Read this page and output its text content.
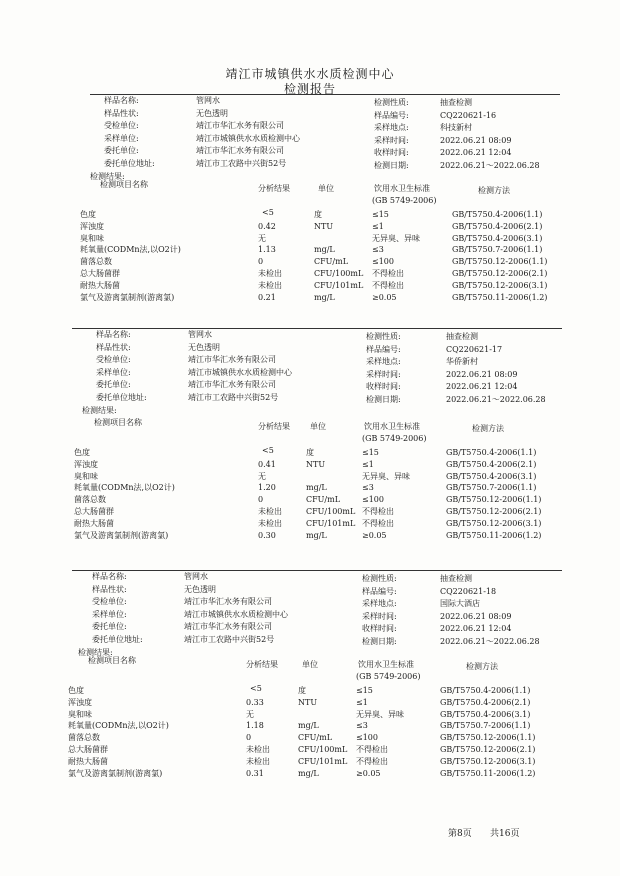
靖江市城镇供水水质检测中心
检测报告
样品名称:	管网水
样品性状:	无色透明
受检单位:	靖江市华汇水务有限公司
采样单位:	靖江市城镇供水水质检测中心
委托单位:	靖江市华汇水务有限公司
委托单位地址:	靖江市工农路中兴街52号
检测性质:	抽查检测
样品编号:	CQ220621-16
采样地点:	科技新村
采样时间:	2022.06.21 08:09
收样时间:	2022.06.21 12:04
检测日期:	2022.06.21～2022.06.28
检测结果:
检测项目名称	分析结果	单位	饮用水卫生标准
(GB 5749-2006)
检测方法
色度	<5	度	≤15	GB/T5750.4-2006(1.1)
浑浊度	0.42	NTU	≤1	GB/T5750.4-2006(2.1)
臭和味	无	无异臭、异味	GB/T5750.4-2006(3.1)
耗氧量(CODMn法,以O2计)	1.13	mg/L	≤3	GB/T5750.7-2006(1.1)
菌落总数	0	CFU/mL	≤100	GB/T5750.12-2006(1.1)
总大肠菌群	未检出	CFU/100mL 不得检出	GB/T5750.12-2006(2.1)
耐热大肠菌	未检出	CFU/101mL 不得检出	GB/T5750.12-2006(3.1)
氯气及游离氯制剂(游离氯)	0.21	mg/L	≥0.05	GB/T5750.11-2006(1.2)
样品名称:	管网水
样品性状:	无色透明
受检单位:	靖江市华汇水务有限公司
采样单位:	靖江市城镇供水水质检测中心
委托单位:	靖江市华汇水务有限公司
委托单位地址:	靖江市工农路中兴街52号
检测性质:	抽查检测
样品编号:	CQ220621-17
采样地点:	华侨新村
采样时间:	2022.06.21 08:09
收样时间:	2022.06.21 12:04
检测日期:	2022.06.21～2022.06.28
检测结果:
检测项目名称	分析结果	单位	饮用水卫生标准
(GB 5749-2006)
检测方法
色度	<5	度	≤15	GB/T5750.4-2006(1.1)
浑浊度	0.41	NTU	≤1	GB/T5750.4-2006(2.1)
臭和味	无	无异臭、异味	GB/T5750.4-2006(3.1)
耗氧量(CODMn法,以O2计)	1.20	mg/L	≤3	GB/T5750.7-2006(1.1)
菌落总数	0	CFU/mL	≤100	GB/T5750.12-2006(1.1)
总大肠菌群	未检出	CFU/100mL 不得检出	GB/T5750.12-2006(2.1)
耐热大肠菌	未检出	CFU/101mL 不得检出	GB/T5750.12-2006(3.1)
氯气及游离氯制剂(游离氯)	0.30	mg/L	≥0.05	GB/T5750.11-2006(1.2)
样品名称:	管网水
样品性状:	无色透明
受检单位:	靖江市华汇水务有限公司
采样单位:	靖江市城镇供水水质检测中心
委托单位:	靖江市华汇水务有限公司
委托单位地址:	靖江市工农路中兴街52号
检测性质:	抽查检测
样品编号:	CQ220621-18
采样地点:	国际大酒店
采样时间:	2022.06.21 08:09
收样时间:	2022.06.21 12:04
检测日期:	2022.06.21～2022.06.28
检测结果:
检测项目名称	分析结果	单位	饮用水卫生标准
(GB 5749-2006)
检测方法
色度	<5	度	≤15	GB/T5750.4-2006(1.1)
浑浊度	0.33	NTU	≤1	GB/T5750.4-2006(2.1)
臭和味	无	无异臭、异味	GB/T5750.4-2006(3.1)
耗氧量(CODMn法,以O2计)	1.18	mg/L	≤3	GB/T5750.7-2006(1.1)
菌落总数	0	CFU/mL	≤100	GB/T5750.12-2006(1.1)
总大肠菌群	未检出	CFU/100mL 不得检出	GB/T5750.12-2006(2.1)
耐热大肠菌	未检出	CFU/101mL 不得检出	GB/T5750.12-2006(3.1)
氯气及游离氯制剂(游离氯)	0.31	mg/L	≥0.05	GB/T5750.11-2006(1.2)
第8页 共16页
